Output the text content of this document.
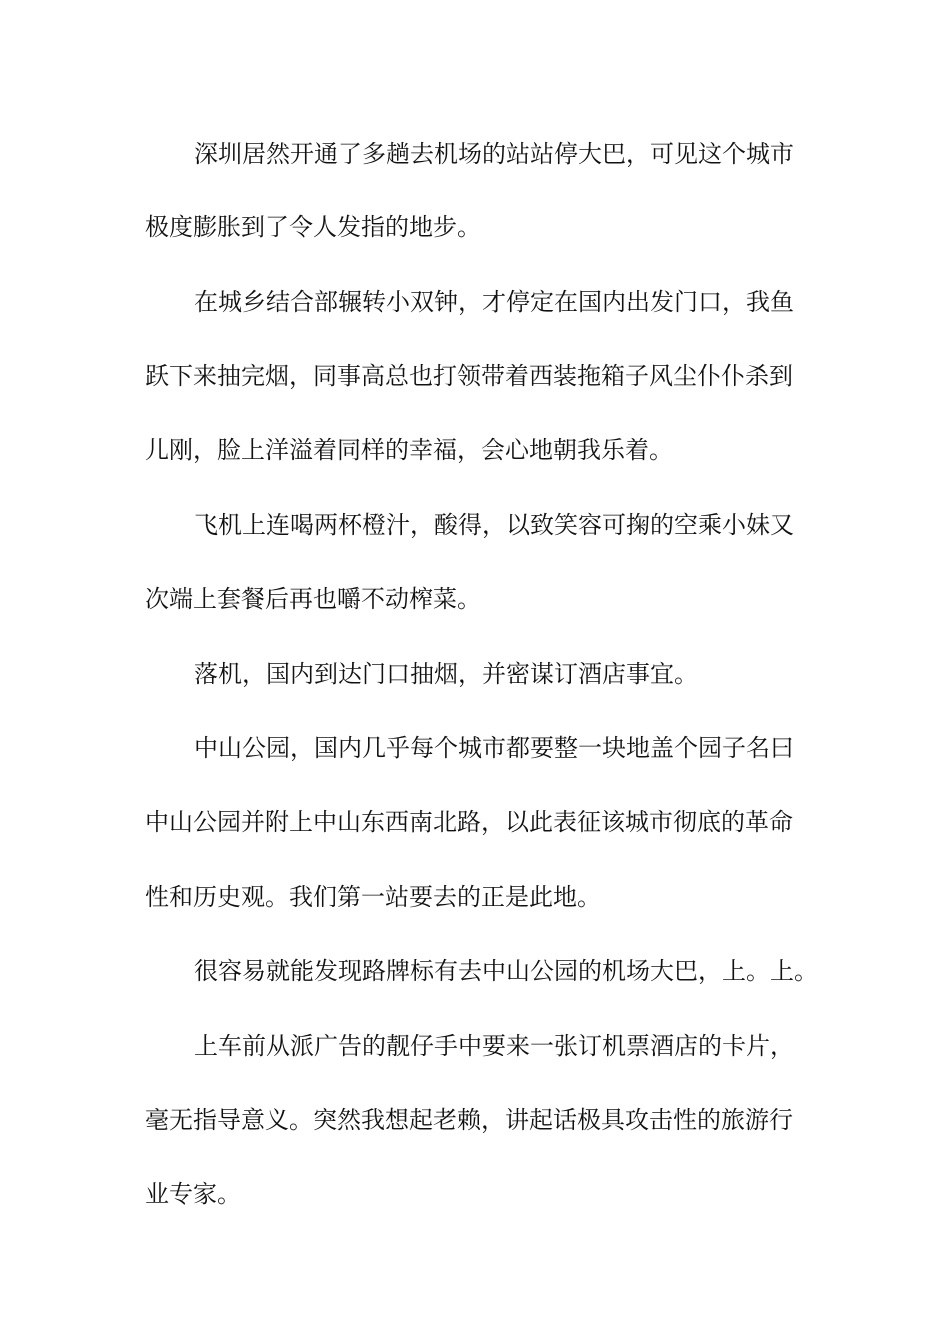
深圳居然开通了多趟去机场的站站停大巴，可见这个城市
极度膨胀到了令人发指的地步。
在城乡结合部辗转小双钟，才停定在国内出发门口，我鱼
跃下来抽完烟，同事高总也打领带着西装拖箱子风尘仆仆杀到
儿刚，脸上洋溢着同样的幸福，会心地朝我乐着。
飞机上连喝两杯橙汁，酸得，以致笑容可掬的空乘小妹又
次端上套餐后再也嚼不动榨菜。
落机，国内到达门口抽烟，并密谋订酒店事宜。
中山公园，国内几乎每个城市都要整一块地盖个园子名曰
中山公园并附上中山东西南北路，以此表征该城市彻底的革命
性和历史观。我们第一站要去的正是此地。
很容易就能发现路牌标有去中山公园的机场大巴，上。上。
上车前从派广告的靓仔手中要来一张订机票酒店的卡片，
毫无指导意义。突然我想起老赖，讲起话极具攻击性的旅游行
业专家。
